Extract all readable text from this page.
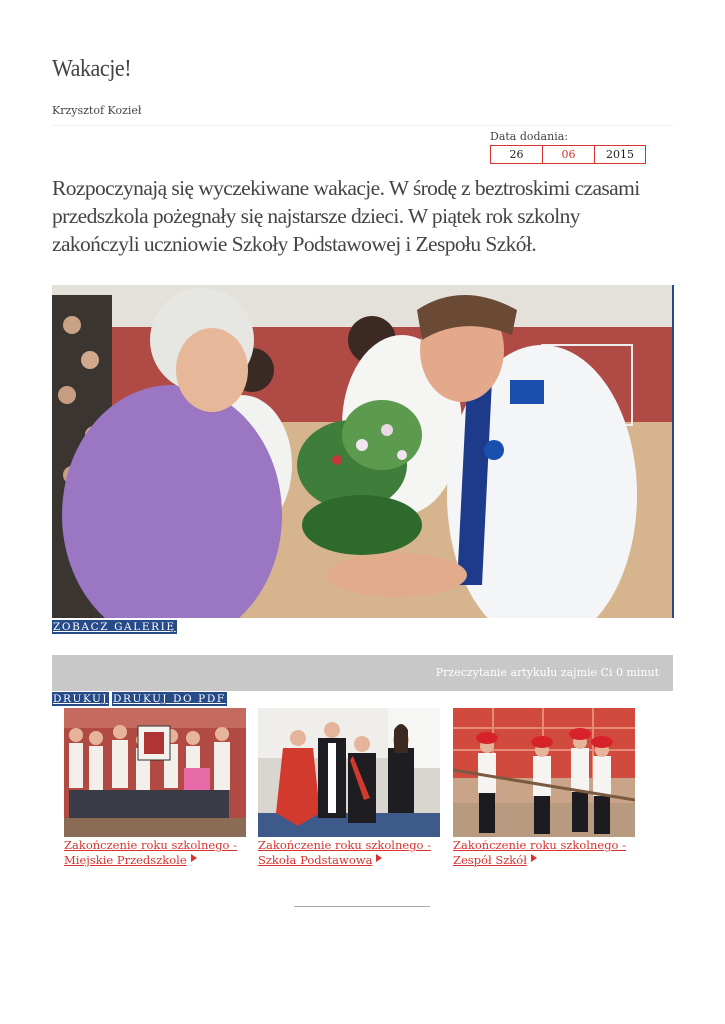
Wakacje!
Krzysztof Kozieł
Data dodania:
26	06	2015

Rozpoczynają się wyczekiwane wakacje. W środę z beztroskimi czasami przedszkola pożegnały się najstarsze dzieci. W piątek rok szkolny zakończyli uczniowie Szkoły Podstawowej i Zespołu Szkół.

ZOBACZ GALERIĘ
Przeczytanie artykułu zajmie Ci 0 minut
DRUKUJ DRUKUJ DO PDF
Zakończenie roku szkolnego - Miejskie Przedszkole
Zakończenie roku szkolnego - Szkoła Podstawowa
Zakończenie roku szkolnego - Zespół Szkół
